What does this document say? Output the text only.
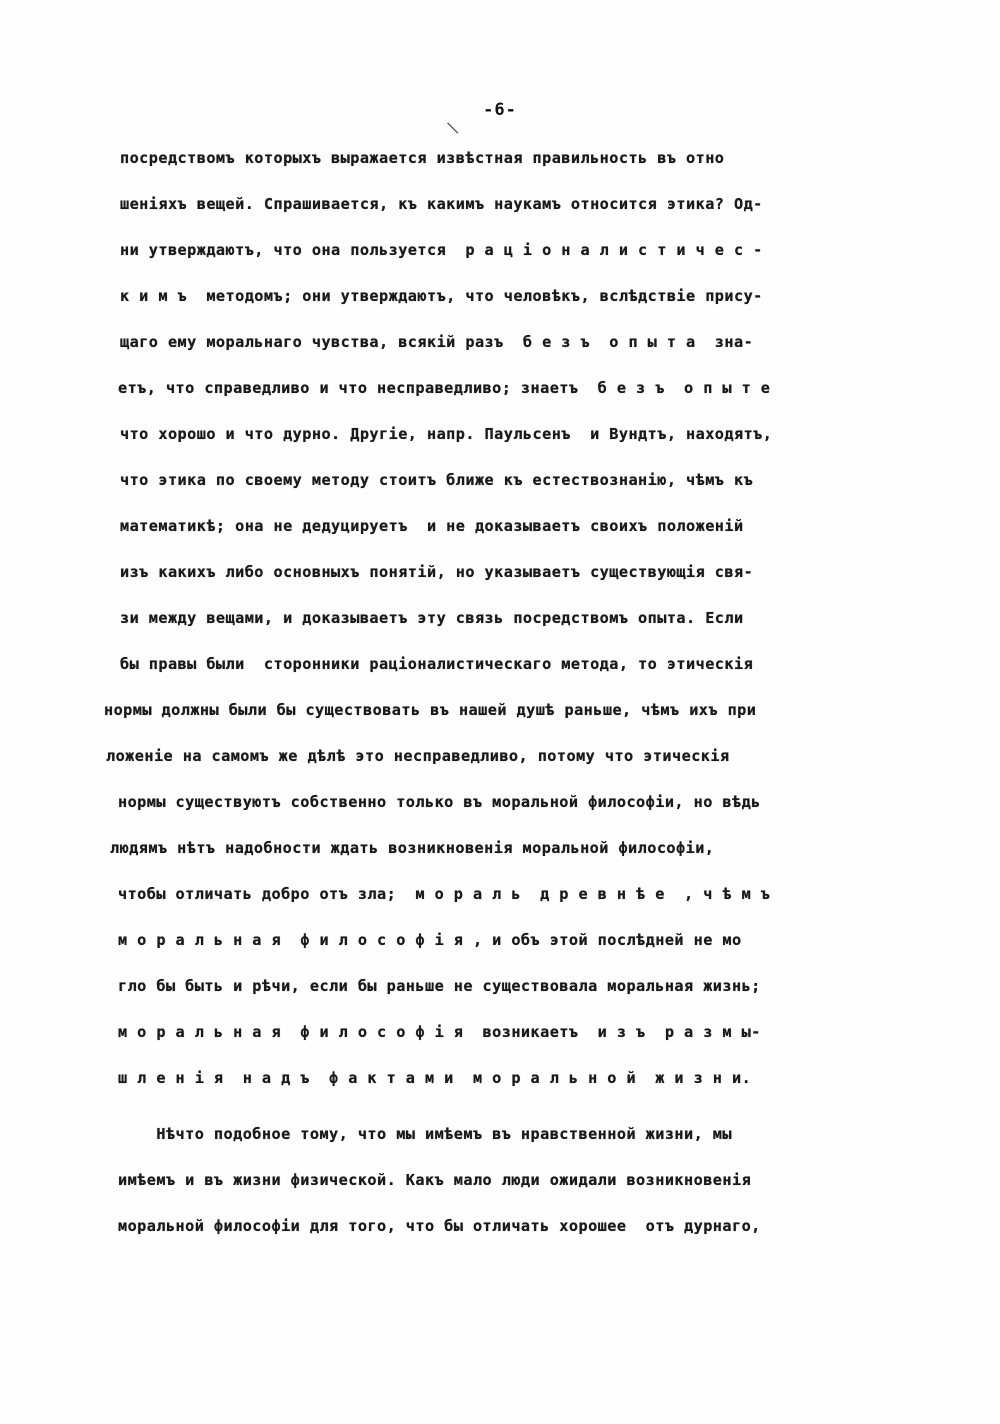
-6-
\
посредствомъ которыхъ выражается извѣстная правильность въ отно
шеніяхъ вещей. Спрашивается, къ какимъ наукамъ относится этика? Од-
ни утверждаютъ, что она пользуется  р а ц і о н а л и с т и ч е с -
к и м ъ  методомъ; они утверждаютъ, что человѣкъ, вслѣдствіе прису-
щаго ему моральнаго чувства, всякій разъ  б е з ъ  о п ы т а  зна-
етъ, что справедливо и что несправедливо; знаетъ  б е з ъ  о п ы т е
что хорошо и что дурно. Другіе, напр. Паульсенъ  и Вундтъ, находятъ,
что этика по своему методу стоитъ ближе къ естествознанію, чѣмъ къ
математикѣ; она не дедуцируетъ  и не доказываетъ своихъ положеній
изъ какихъ либо основныхъ понятій, но указываетъ существующія свя-
зи между вещами, и доказываетъ эту связь посредствомъ опыта. Если
бы правы были  сторонники раціоналистическаго метода, то этическія
нормы должны были бы существовать въ нашей душѣ раньше, чѣмъ ихъ при
ложеніе на самомъ же дѣлѣ это несправедливо, потому что этическія
нормы существуютъ собственно только въ моральной философіи, но вѣдь
людямъ нѣтъ надобности ждать возникновенія моральной философіи,
чтобы отличать добро отъ зла;  м о р а л ь  д р е в н ѣ е  , ч ѣ м ъ
м о р а л ь н а я  ф и л о с о ф і я , и объ этой послѣдней не мо
гло бы быть и рѣчи, если бы раньше не существовала моральная жизнь;
м о р а л ь н а я  ф и л о с о ф і я  возникаетъ  и з ъ  р а з м ы-
ш л е н і я  н а д ъ  ф а к т а м и  м о р а л ь н о й  ж и з н и.
Нѣчто подобное тому, что мы имѣемъ въ нравственной жизни, мы
имѣемъ и въ жизни физической. Какъ мало люди ожидали возникновенія
моральной философіи для того, что бы отличать хорошее  отъ дурнаго,
